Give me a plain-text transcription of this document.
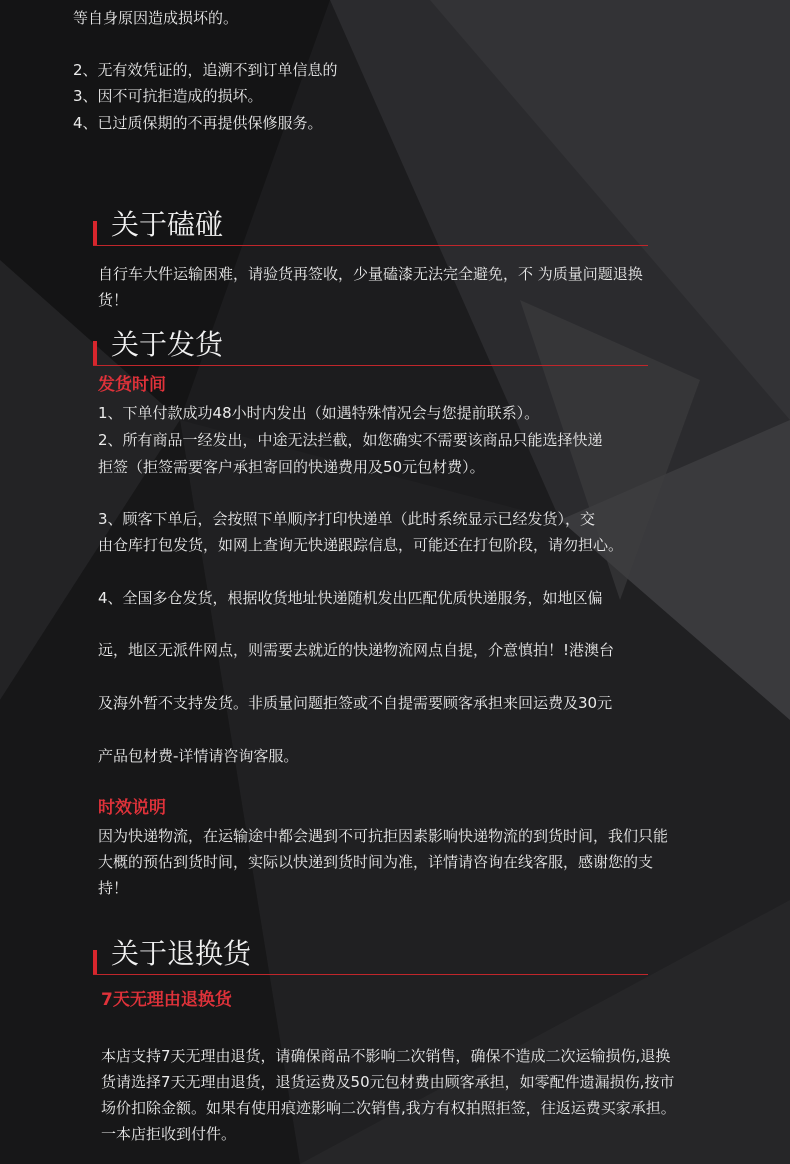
等自身原因造成损坏的。

2、无有效凭证的，追溯不到订单信息的

3、因不可抗拒造成的损坏。

4、已过质保期的不再提供保修服务。

关于磕碰

自行车大件运输困难，请验货再签收，少量磕漆无法完全避免，不 为质量问题退换货！

关于发货

发货时间

1、下单付款成功48小时内发出（如遇特殊情况会与您提前联系）。

2、所有商品一经发出，中途无法拦截，如您确实不需要该商品只能选择快递

拒签（拒签需要客户承担寄回的快递费用及50元包材费）。

3、顾客下单后，会按照下单顺序打印快递单（此时系统显示已经发货），交

由仓库打包发货，如网上查询无快递跟踪信息，可能还在打包阶段，请勿担心。

4、全国多仓发货，根据收货地址快递随机发出匹配优质快递服务，如地区偏

远，地区无派件网点，则需要去就近的快递物流网点自提，介意慎拍！!港澳台

及海外暂不支持发货。非质量问题拒签或不自提需要顾客承担来回运费及30元

产品包材费-详情请咨询客服。

时效说明

因为快递物流，在运输途中都会遇到不可抗拒因素影响快递物流的到货时间，我们只能大概的预估到货时间，实际以快递到货时间为准，详情请咨询在线客服，感谢您的支持！

关于退换货

7天无理由退换货

本店支持7天无理由退货，请确保商品不影响二次销售，确保不造成二次运输损伤,退换货请选择7天无理由退货，退货运费及50元包材费由顾客承担，如零配件遗漏损伤,按市场价扣除金额。如果有使用痕迹影响二次销售,我方有权拍照拒签，往返运费买家承担。一本店拒收到付件。
